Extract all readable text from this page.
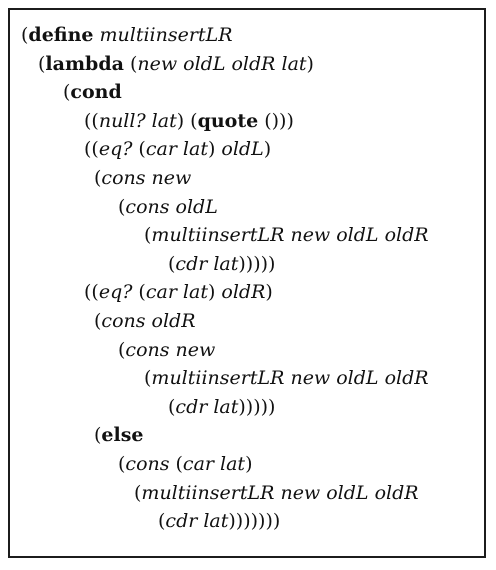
(define multiinsertLR
(lambda (new oldL oldR lat)
(cond
((null? lat) (quote ()))
((eq? (car lat) oldL)
(cons new
(cons oldL
(multiinsertLR new oldL oldR
(cdr lat)))))
((eq? (car lat) oldR)
(cons oldR
(cons new
(multiinsertLR new oldL oldR
(cdr lat)))))
(else
(cons (car lat)
(multiinsertLR new oldL oldR
(cdr lat)))))))
